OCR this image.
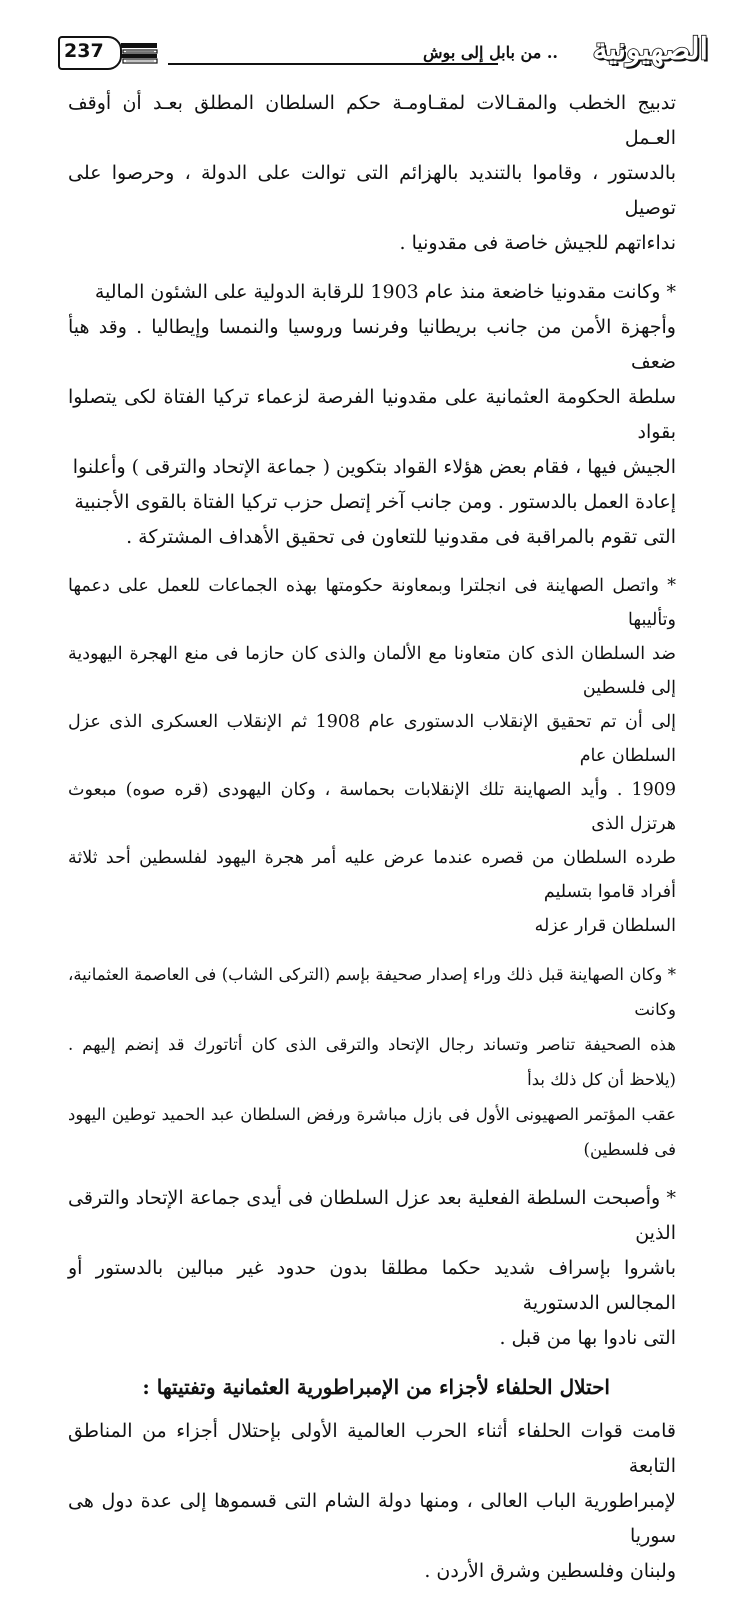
الصهيونية
.. من بابل إلى بوش
237

تدبيج الخطب والمقـالات لمقـاومـة حكم السلطان المطلق بعـد أن أوقف العـمل
بالدستور ، وقاموا بالتنديد بالهزائم التى توالت على الدولة ، وحرصوا على توصيل
نداءاتهم للجيش خاصة فى مقدونيا .

* وكانت مقدونيا خاضعة منذ عام 1903 للرقابة الدولية على الشئون المالية
وأجهزة الأمن من جانب بريطانيا وفرنسا وروسيا والنمسا وإيطاليا . وقد هيأ ضعف
سلطة الحكومة العثمانية على مقدونيا الفرصة لزعماء تركيا الفتاة لكى يتصلوا بقواد
الجيش فيها ، فقام بعض هؤلاء القواد بتكوين ( جماعة الإتحاد والترقى ) وأعلنوا
إعادة العمل بالدستور . ومن جانب آخر إتصل حزب تركيا الفتاة بالقوى الأجنبية
التى تقوم بالمراقبة فى مقدونيا للتعاون فى تحقيق الأهداف المشتركة .

* واتصل الصهاينة فى انجلترا وبمعاونة حكومتها بهذه الجماعات للعمل على دعمها وتأليبها
ضد السلطان الذى كان متعاونا مع الألمان والذى كان حازما فى منع الهجرة اليهودية إلى فلسطين
إلى أن تم تحقيق الإنقلاب الدستورى عام 1908 ثم الإنقلاب العسكرى الذى عزل السلطان عام
1909 . وأيد الصهاينة تلك الإنقلابات بحماسة ، وكان اليهودى (قره صوه) مبعوث هرتزل الذى
طرده السلطان من قصره عندما عرض عليه أمر هجرة اليهود لفلسطين أحد ثلاثة أفراد قاموا بتسليم
السلطان قرار عزله

* وكان الصهاينة قبل ذلك وراء إصدار صحيفة بإسم (التركى الشاب) فى العاصمة العثمانية، وكانت
هذه الصحيفة تناصر وتساند رجال الإتحاد والترقى الذى كان أتاتورك قد إنضم إليهم . (يلاحظ أن كل ذلك بدأ
عقب المؤتمر الصهيونى الأول فى بازل مباشرة ورفض السلطان عبد الحميد توطين اليهود فى فلسطين)

* وأصبحت السلطة الفعلية بعد عزل السلطان فى أيدى جماعة الإتحاد والترقى الذين
باشروا بإسراف شديد حكما مطلقا بدون حدود غير مبالين بالدستور أو المجالس الدستورية
التى نادوا بها من قبل .

احتلال الحلفاء لأجزاء من الإمبراطورية العثمانية وتفتيتها :

قامت قوات الحلفاء أثناء الحرب العالمية الأولى بإحتلال أجزاء من المناطق التابعة
لإمبراطورية الباب العالى ، ومنها دولة الشام التى قسموها إلى عدة دول هى سوريا
ولبنان وفلسطين وشرق الأردن .
